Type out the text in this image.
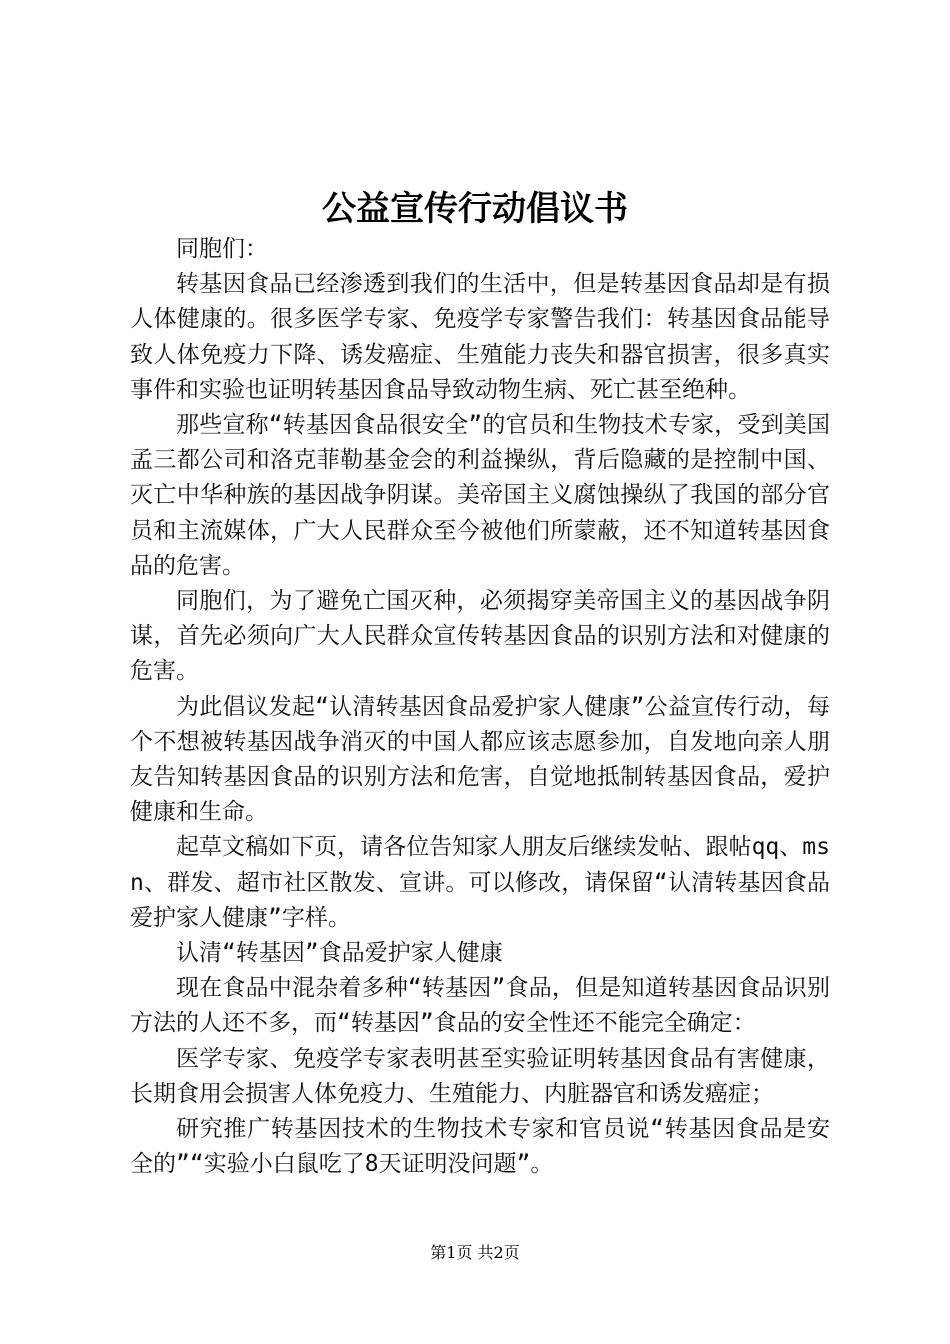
公益宣传行动倡议书

同胞们：

转基因食品已经渗透到我们的生活中，但是转基因食品却是有损人体健康的。很多医学专家、免疫学专家警告我们：转基因食品能导致人体免疫力下降、诱发癌症、生殖能力丧失和器官损害，很多真实事件和实验也证明转基因食品导致动物生病、死亡甚至绝种。

那些宣称“转基因食品很安全”的官员和生物技术专家，受到美国孟三都公司和洛克菲勒基金会的利益操纵，背后隐藏的是控制中国、灭亡中华种族的基因战争阴谋。美帝国主义腐蚀操纵了我国的部分官员和主流媒体，广大人民群众至今被他们所蒙蔽，还不知道转基因食品的危害。

同胞们，为了避免亡国灭种，必须揭穿美帝国主义的基因战争阴谋，首先必须向广大人民群众宣传转基因食品的识别方法和对健康的危害。

为此倡议发起“认清转基因食品爱护家人健康”公益宣传行动，每个不想被转基因战争消灭的中国人都应该志愿参加，自发地向亲人朋友告知转基因食品的识别方法和危害，自觉地抵制转基因食品，爱护健康和生命。

起草文稿如下页，请各位告知家人朋友后继续发帖、跟帖qq、msn、群发、超市社区散发、宣讲。可以修改，请保留“认清转基因食品爱护家人健康”字样。

认清“转基因”食品爱护家人健康

现在食品中混杂着多种“转基因”食品，但是知道转基因食品识别方法的人还不多，而“转基因”食品的安全性还不能完全确定：

医学专家、免疫学专家表明甚至实验证明转基因食品有害健康，长期食用会损害人体免疫力、生殖能力、内脏器官和诱发癌症；

研究推广转基因技术的生物技术专家和官员说“转基因食品是安全的”“实验小白鼠吃了8天证明没问题”。

第1页 共2页
